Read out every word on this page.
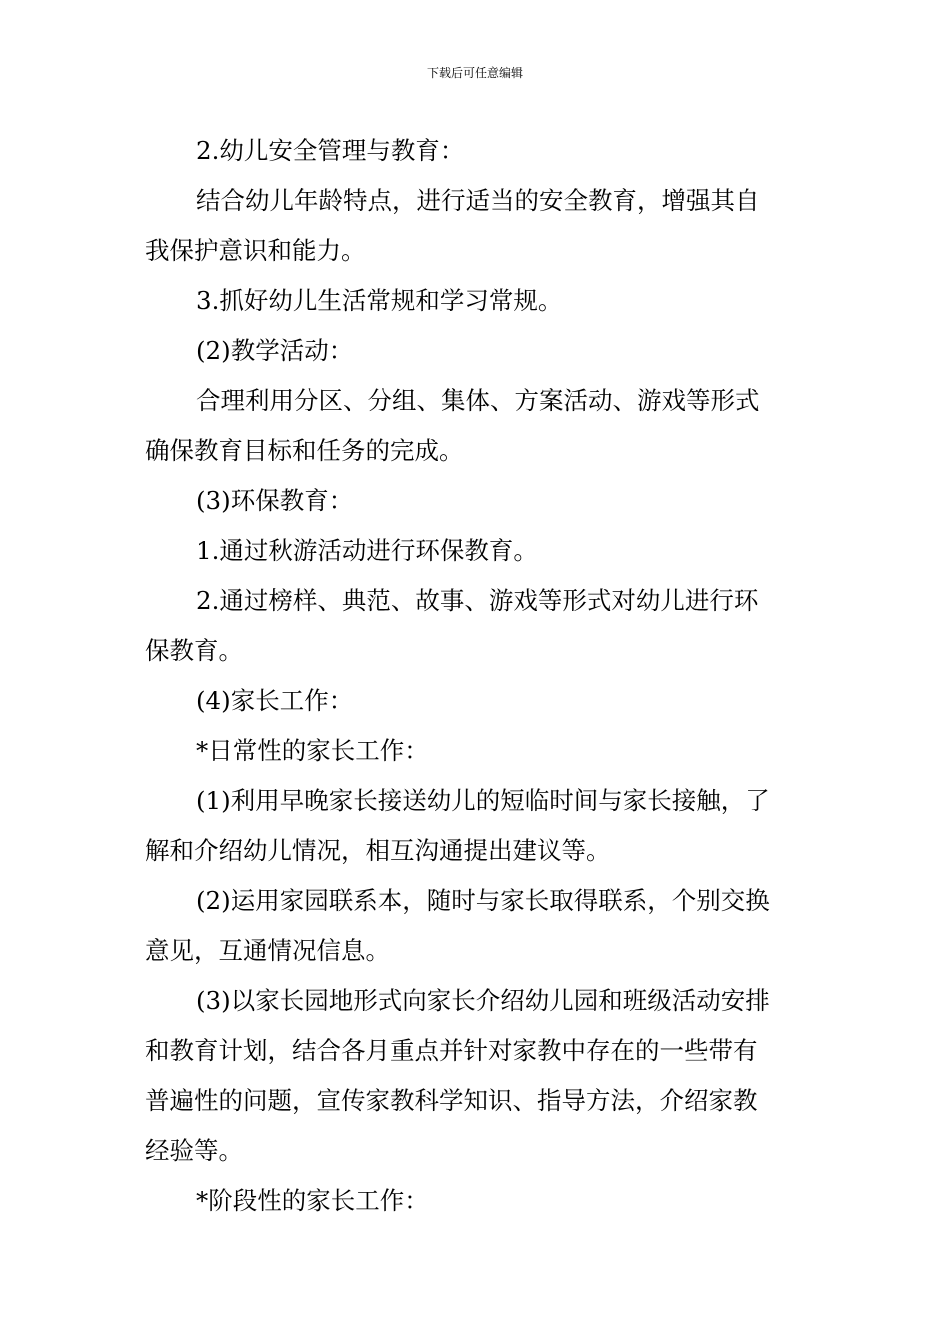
下载后可任意编辑
2.幼儿安全管理与教育：
结合幼儿年龄特点，进行适当的安全教育，增强其自
我保护意识和能力。
3.抓好幼儿生活常规和学习常规。
(2)教学活动：
合理利用分区、分组、集体、方案活动、游戏等形式
确保教育目标和任务的完成。
(3)环保教育：
1.通过秋游活动进行环保教育。
2.通过榜样、典范、故事、游戏等形式对幼儿进行环
保教育。
(4)家长工作：
*日常性的家长工作：
(1)利用早晚家长接送幼儿的短临时间与家长接触，了
解和介绍幼儿情况，相互沟通提出建议等。
(2)运用家园联系本，随时与家长取得联系，个别交换
意见，互通情况信息。
(3)以家长园地形式向家长介绍幼儿园和班级活动安排
和教育计划，结合各月重点并针对家教中存在的一些带有
普遍性的问题，宣传家教科学知识、指导方法，介绍家教
经验等。
*阶段性的家长工作：
